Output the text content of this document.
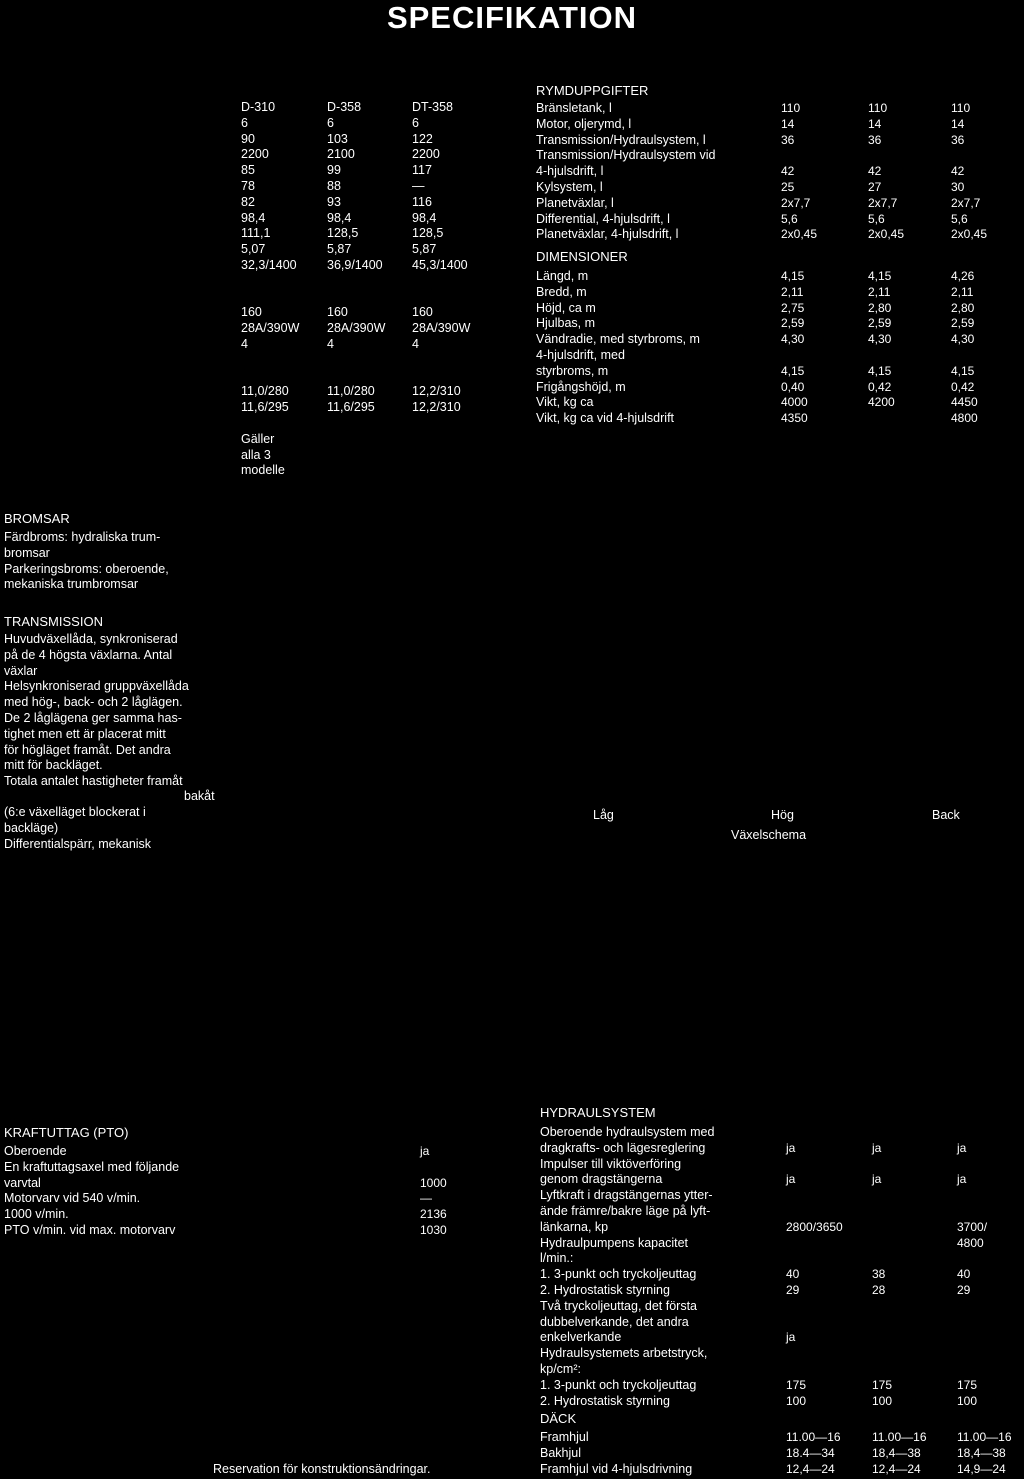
SPECIFIKATION
D-310
6
90
2200
85
78
82
98,4
111,1
5,07
32,3/1400
160
28A/390W
4
11,0/280
11,6/295
Gäller
alla 3
modelle
D-358
6
103
2100
99
88
93
98,4
128,5
5,87
36,9/1400
160
28A/390W
4
11,0/280
11,6/295
DT-358
6
122
2200
117
—
116
98,4
128,5
5,87
45,3/1400
160
28A/390W
4
12,2/310
12,2/310
RYMDUPPGIFTER
Bränsletank, l
Motor, oljerymd, l
Transmission/Hydraulsystem, l
Transmission/Hydraulsystem vid
4-hjulsdrift, l
Kylsystem, l
Planetväxlar, l
Differential, 4-hjulsdrift, l
Planetväxlar, 4-hjulsdrift, l
110
14
36
42
25
2x7,7
5,6
2x0,45
110
14
36
42
27
2x7,7
5,6
2x0,45
110
14
36
42
30
2x7,7
5,6
2x0,45
DIMENSIONER
Längd, m
Bredd, m
Höjd, ca m
Hjulbas, m
Vändradie, med styrbroms, m
4-hjulsdrift, med
styrbroms, m
Frigångshöjd, m
Vikt, kg ca
Vikt, kg ca vid 4-hjulsdrift
4,15
2,11
2,75
2,59
4,30
4,15
0,40
4000
4350
4,15
2,11
2,80
2,59
4,30
4,15
0,42
4200
4,26
2,11
2,80
2,59
4,30
4,15
0,42
4450
4800
BROMSAR
Färdbroms: hydraliska trum-
bromsar
Parkeringsbroms: oberoende,
mekaniska trumbromsar
TRANSMISSION
Huvudväxellåda, synkroniserad
på de 4 högsta växlarna. Antal
växlar
Helsynkroniserad gruppväxellåda
med hög-, back- och 2 låglägen.
De 2 låglägena ger samma has-
tighet men ett är placerat mitt
för högläget framåt. Det andra
mitt för backläget.
Totala antalet hastigheter framåt
bakåt
(6:e växelläget blockerat i
backläge)
Differentialspärr, mekanisk
Låg	Hög	Back
Växelschema
KRAFTUTTAG (PTO)
Oberoende
En kraftuttagsaxel med följande
varvtal
Motorvarv vid 540 v/min.
1000 v/min.
PTO v/min. vid max. motorvarv
ja
1000
—
2136
1030
HYDRAULSYSTEM
Oberoende hydraulsystem med
dragkrafts- och lägesreglering
Impulser till viktöverföring
genom dragstängerna
Lyftkraft i dragstängernas ytter-
ände främre/bakre läge på lyft-
länkarna, kp
Hydraulpumpens kapacitet
l/min.:
1. 3-punkt och tryckoljeuttag
2. Hydrostatisk styrning
Två tryckoljeuttag, det första
dubbelverkande, det andra
enkelverkande
Hydraulsystemets arbetstryck,
kp/cm²:
1. 3-punkt och tryckoljeuttag
2. Hydrostatisk styrning
ja
ja
2800/3650
40
29
ja
175
100
ja
ja
38
28
175
100
ja
ja
3700/
4800
40
29
175
100
DÄCK
Framhjul
Bakhjul
Framhjul vid 4-hjulsdrivning
11.00—16
18.4—34
12,4—24
11.00—16
18,4—38
12,4—24
11.00—16
18,4—38
14,9—24
Reservation för konstruktionsändringar.
